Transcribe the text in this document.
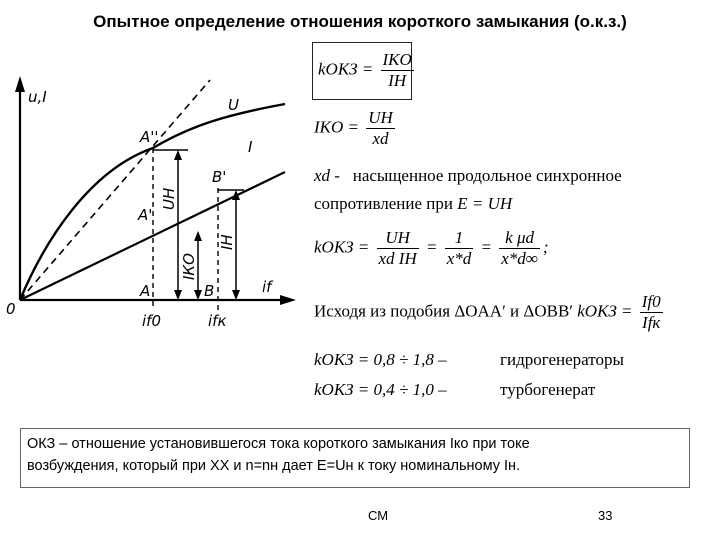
Опытное определение отношения короткого замыкания (о.к.з.)
u,I
if
0
U
I
A''
A'
B'
A	B
if0	ifк
UН
IКО
IН
kОКЗ = $\frac{\text{IKO}}{IH}$
IKO = $\frac{UH}{xd}$
xd - насыщенное продольное синхронное
сопротивление при E = UH
kОКЗ = $\frac{UH}{\text{xd IH}} = \frac{1}{x*d} = \frac{\text{k μd}}{x*d\infty}$ ;
Исходя из подобия ΔOAA′ и ΔOBB′ kОКЗ = $\frac{If0}{\text{Ifк}}$
kОКЗ = 0,8 ÷ 1,8 –	гидрогенераторы
kОКЗ = 0,4 ÷ 1,0 –	турбогенерат
ОКЗ – отношение установившегося тока короткого замыкания Iко при токе
возбуждения, который при ХХ и n=nн дает E=Uн к току номинальному Iн.
СМ	33
